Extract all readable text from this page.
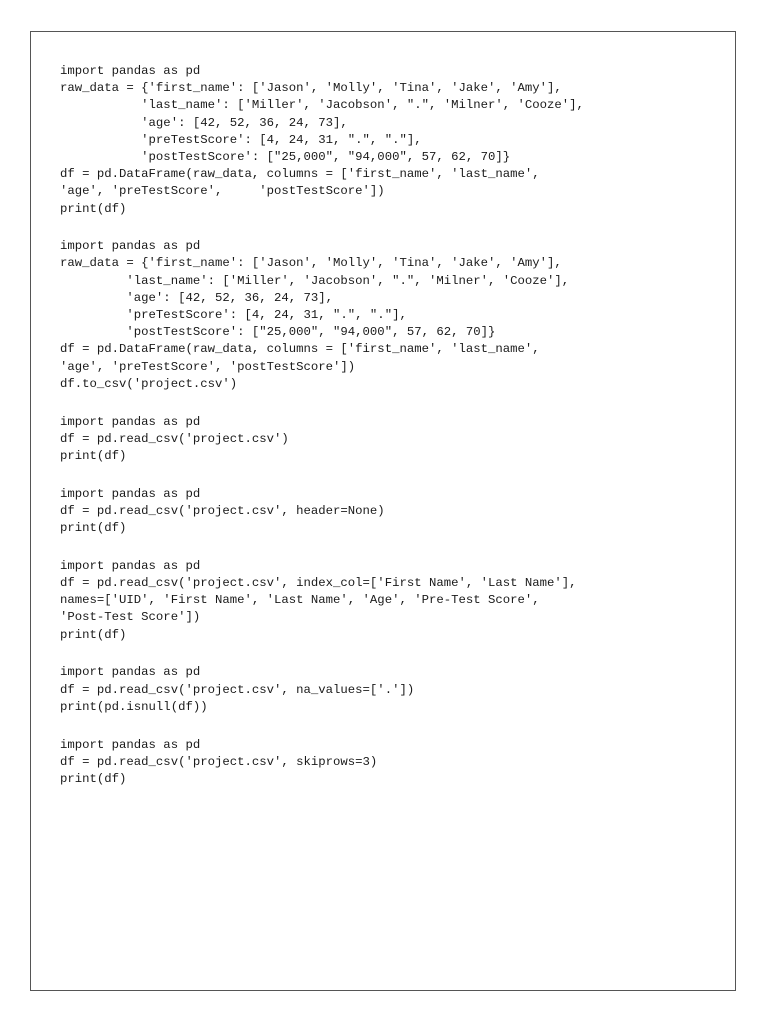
import pandas as pd
raw_data = {'first_name': ['Jason', 'Molly', 'Tina', 'Jake', 'Amy'],
'last_name': ['Miller', 'Jacobson', ".", 'Milner', 'Cooze'],
'age': [42, 52, 36, 24, 73],
'preTestScore': [4, 24, 31, ".", "."],
'postTestScore': ["25,000", "94,000", 57, 62, 70]}
df = pd.DataFrame(raw_data, columns = ['first_name', 'last_name',
'age', 'preTestScore',     'postTestScore'])
print(df)
import pandas as pd
raw_data = {'first_name': ['Jason', 'Molly', 'Tina', 'Jake', 'Amy'],
'last_name': ['Miller', 'Jacobson', ".", 'Milner', 'Cooze'],
'age': [42, 52, 36, 24, 73],
'preTestScore': [4, 24, 31, ".", "."],
'postTestScore': ["25,000", "94,000", 57, 62, 70]}
df = pd.DataFrame(raw_data, columns = ['first_name', 'last_name',
'age', 'preTestScore', 'postTestScore'])
df.to_csv('project.csv')
import pandas as pd
df = pd.read_csv('project.csv')
print(df)
import pandas as pd
df = pd.read_csv('project.csv', header=None)
print(df)
import pandas as pd
df = pd.read_csv('project.csv', index_col=['First Name', 'Last Name'],
names=['UID', 'First Name', 'Last Name', 'Age', 'Pre-Test Score',
'Post-Test Score'])
print(df)
import pandas as pd
df = pd.read_csv('project.csv', na_values=['.'])
print(pd.isnull(df))
import pandas as pd
df = pd.read_csv('project.csv', skiprows=3)
print(df)
